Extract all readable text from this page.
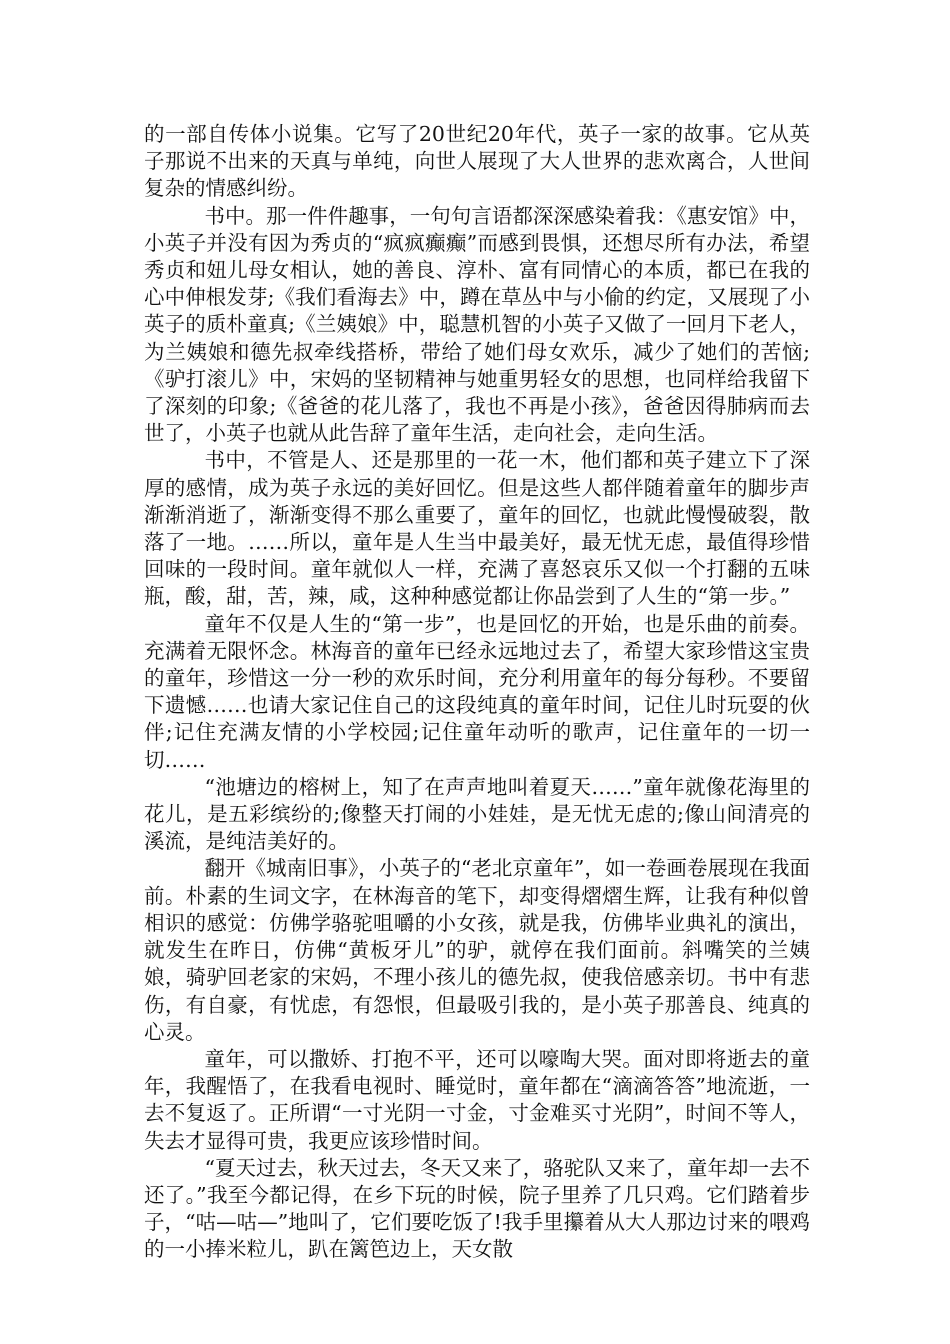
的一部自传体小说集。它写了20世纪20年代，英子一家的故事。它从英子那说不出来的天真与单纯，向世人展现了大人世界的悲欢离合，人世间复杂的情感纠纷。

书中。那一件件趣事，一句句言语都深深感染着我：《惠安馆》中，小英子并没有因为秀贞的“疯疯癫癫”而感到畏惧，还想尽所有办法，希望秀贞和妞儿母女相认，她的善良、淳朴、富有同情心的本质，都已在我的心中伸根发芽;《我们看海去》中，蹲在草丛中与小偷的约定，又展现了小英子的质朴童真;《兰姨娘》中，聪慧机智的小英子又做了一回月下老人，为兰姨娘和德先叔牵线搭桥，带给了她们母女欢乐，减少了她们的苦恼;《驴打滚儿》中，宋妈的坚韧精神与她重男轻女的思想，也同样给我留下了深刻的印象;《爸爸的花儿落了，我也不再是小孩》，爸爸因得肺病而去世了，小英子也就从此告辞了童年生活，走向社会，走向生活。

书中，不管是人、还是那里的一花一木，他们都和英子建立下了深厚的感情，成为英子永远的美好回忆。但是这些人都伴随着童年的脚步声渐渐消逝了，渐渐变得不那么重要了，童年的回忆，也就此慢慢破裂，散落了一地。……所以，童年是人生当中最美好，最无忧无虑，最值得珍惜回味的一段时间。童年就似人一样，充满了喜怒哀乐又似一个打翻的五味瓶，酸，甜，苦，辣，咸，这种种感觉都让你品尝到了人生的“第一步。”

童年不仅是人生的“第一步”，也是回忆的开始，也是乐曲的前奏。充满着无限怀念。林海音的童年已经永远地过去了，希望大家珍惜这宝贵的童年，珍惜这一分一秒的欢乐时间，充分利用童年的每分每秒。不要留下遗憾……也请大家记住自己的这段纯真的童年时间，记住儿时玩耍的伙伴;记住充满友情的小学校园;记住童年动听的歌声，记住童年的一切一切……

“池塘边的榕树上，知了在声声地叫着夏天……”童年就像花海里的花儿，是五彩缤纷的;像整天打闹的小娃娃，是无忧无虑的;像山间清亮的溪流，是纯洁美好的。

翻开《城南旧事》，小英子的“老北京童年”，如一卷画卷展现在我面前。朴素的生词文字，在林海音的笔下，却变得熠熠生辉，让我有种似曾相识的感觉：仿佛学骆驼咀嚼的小女孩，就是我，仿佛毕业典礼的演出，就发生在昨日，仿佛“黄板牙儿”的驴，就停在我们面前。斜嘴笑的兰姨娘，骑驴回老家的宋妈，不理小孩儿的德先叔，使我倍感亲切。书中有悲伤，有自豪，有忧虑，有怨恨，但最吸引我的，是小英子那善良、纯真的心灵。

童年，可以撒娇、打抱不平，还可以嚎啕大哭。面对即将逝去的童年，我醒悟了，在我看电视时、睡觉时，童年都在“滴滴答答”地流逝，一去不复返了。正所谓“一寸光阴一寸金，寸金难买寸光阴”，时间不等人，失去才显得可贵，我更应该珍惜时间。

“夏天过去，秋天过去，冬天又来了，骆驼队又来了，童年却一去不还了。”我至今都记得，在乡下玩的时候，院子里养了几只鸡。它们踏着步子，“咕—咕—”地叫了，它们要吃饭了!我手里攥着从大人那边讨来的喂鸡的一小捧米粒儿，趴在篱笆边上，天女散
